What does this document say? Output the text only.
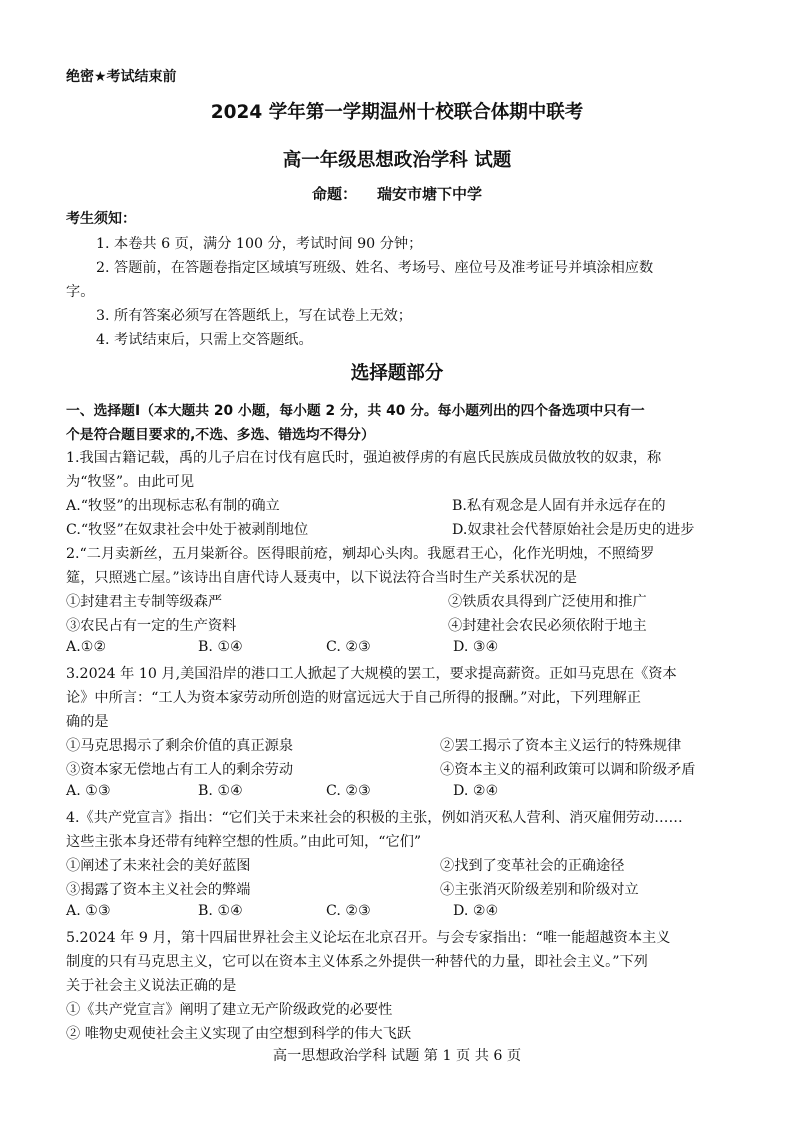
绝密★考试结束前
2024 学年第一学期温州十校联合体期中联考
高一年级思想政治学科 试题
命题： 瑞安市塘下中学
考生须知：
1. 本卷共 6 页，满分 100 分，考试时间 90 分钟；
2. 答题前，在答题卷指定区域填写班级、姓名、考场号、座位号及准考证号并填涂相应数
字。
3. 所有答案必须写在答题纸上，写在试卷上无效；
4. 考试结束后，只需上交答题纸。
选择题部分
一、选择题Ⅰ（本大题共 20 小题，每小题 2 分，共 40 分。每小题列出的四个备选项中只有一
个是符合题目要求的,不选、多选、错选均不得分）
1.我国古籍记载，禹的儿子启在讨伐有扈氏时，强迫被俘虏的有扈氏民族成员做放牧的奴隶，称
为“牧竖”。由此可见
A.“牧竖”的出现标志私有制的确立	B.私有观念是人固有并永远存在的
C.“牧竖”在奴隶社会中处于被剥削地位	D.奴隶社会代替原始社会是历史的进步
2.“二月卖新丝，五月粜新谷。医得眼前疮，剜却心头肉。我愿君王心，化作光明烛，不照绮罗
筵，只照逃亡屋。”该诗出自唐代诗人聂夷中，以下说法符合当时生产关系状况的是
①封建君主专制等级森严	②铁质农具得到广泛使用和推广
③农民占有一定的生产资料	④封建社会农民必须依附于地主
A.①②	B. ①④	C. ②③	D. ③④
3.2024 年 10 月,美国沿岸的港口工人掀起了大规模的罢工，要求提高薪资。正如马克思在《资本
论》中所言：“工人为资本家劳动所创造的财富远远大于自己所得的报酬。”对此，下列理解正
确的是
①马克思揭示了剩余价值的真正源泉	②罢工揭示了资本主义运行的特殊规律
③资本家无偿地占有工人的剩余劳动	④资本主义的福利政策可以调和阶级矛盾
A. ①③	B. ①④	C. ②③	D. ②④
4.《共产党宣言》指出：“它们关于未来社会的积极的主张，例如消灭私人营利、消灭雇佣劳动……
这些主张本身还带有纯粹空想的性质。”由此可知，“它们”
①阐述了未来社会的美好蓝图	②找到了变革社会的正确途径
③揭露了资本主义社会的弊端	④主张消灭阶级差别和阶级对立
A. ①③	B. ①④	C. ②③	D. ②④
5.2024 年 9 月，第十四届世界社会主义论坛在北京召开。与会专家指出：“唯一能超越资本主义
制度的只有马克思主义，它可以在资本主义体系之外提供一种替代的力量，即社会主义。”下列
关于社会主义说法正确的是
①《共产党宣言》阐明了建立无产阶级政党的必要性
② 唯物史观使社会主义实现了由空想到科学的伟大飞跃
高一思想政治学科 试题 第 1 页 共 6 页
